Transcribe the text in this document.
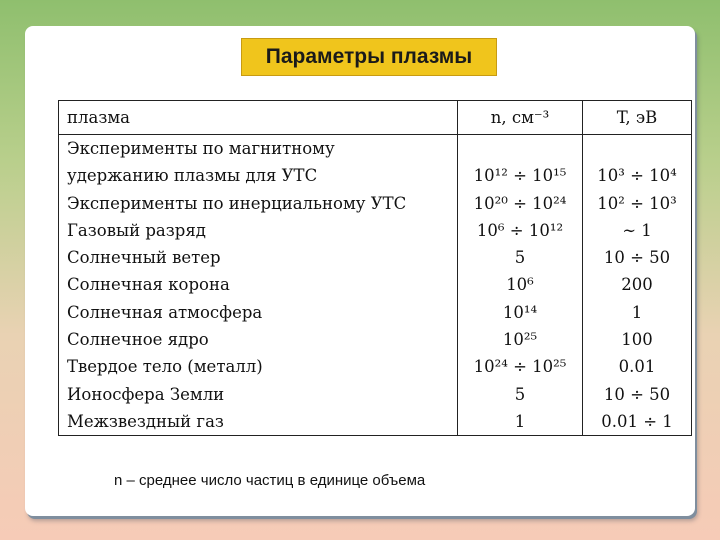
Параметры плазмы
плазма	n, см⁻³	T, эВ
Эксперименты по магнитному		
удержанию плазмы для УТС	10¹² ÷ 10¹⁵	10³ ÷ 10⁴
Эксперименты по инерциальному УТС	10²⁰ ÷ 10²⁴	10² ÷ 10³
Газовый разряд	10⁶ ÷ 10¹²	∼ 1
Солнечный ветер	5	10 ÷ 50
Солнечная корона	10⁶	200
Солнечная атмосфера	10¹⁴	1
Солнечное ядро	10²⁵	100
Твердое тело (металл)	10²⁴ ÷ 10²⁵	0.01
Ионосфера Земли	5	10 ÷ 50
Межзвездный газ	1	0.01 ÷ 1
n – среднее число частиц в единице объема
